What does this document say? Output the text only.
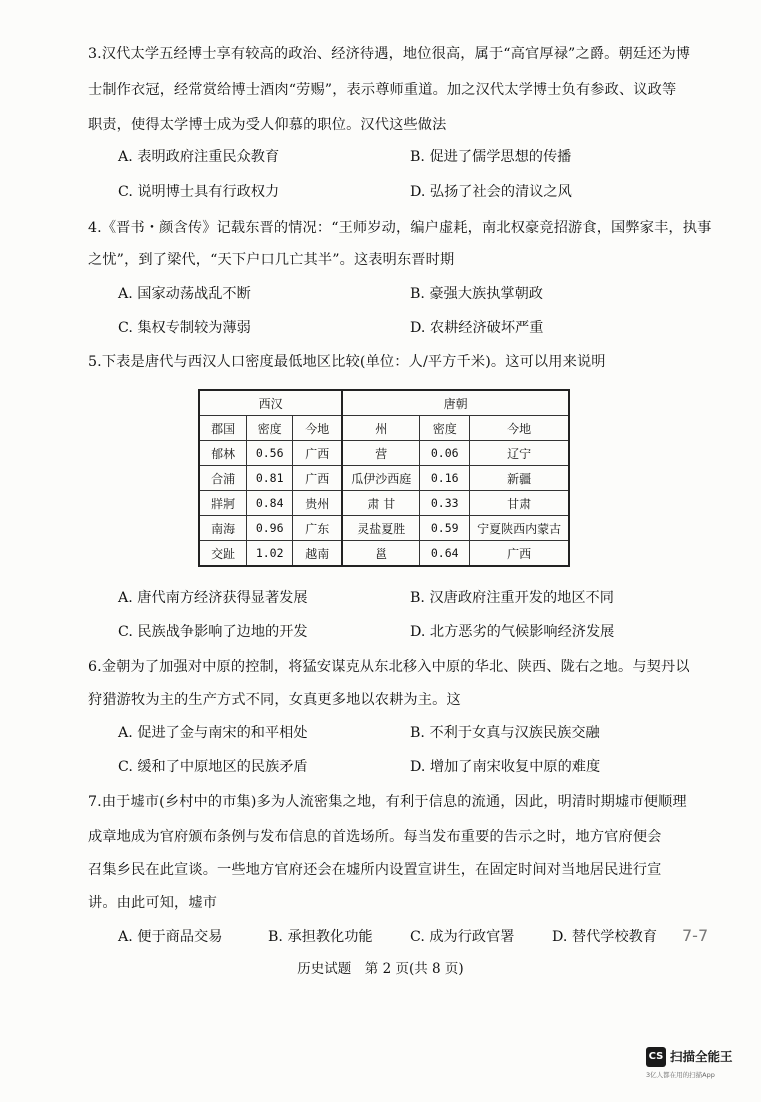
3.汉代太学五经博士享有较高的政治、经济待遇，地位很高，属于“高官厚禄”之爵。朝廷还为博
士制作衣冠，经常赏给博士酒肉“劳赐”，表示尊师重道。加之汉代太学博士负有参政、议政等
职责，使得太学博士成为受人仰慕的职位。汉代这些做法
A. 表明政府注重民众教育	B. 促进了儒学思想的传播
C. 说明博士具有行政权力	D. 弘扬了社会的清议之风
4.《晋书・颜含传》记载东晋的情况：“王师岁动，编户虚耗，南北权豪竞招游食，国弊家丰，执事
之忧”，到了梁代，“天下户口几亡其半”。这表明东晋时期
A. 国家动荡战乱不断	B. 豪强大族执掌朝政
C. 集权专制较为薄弱	D. 农耕经济破坏严重
5.下表是唐代与西汉人口密度最低地区比较(单位：人/平方千米)。这可以用来说明
西汉			唐朝		
郡国	密度	今地	州	密度	今地
郁林	0.56	广西	营	0.06	辽宁
合浦	0.81	广西	瓜伊沙西庭	0.16	新疆
牂牁	0.84	贵州	肃 甘	0.33	甘肃
南海	0.96	广东	灵盐夏胜	0.59	宁夏陕西内蒙古
交趾	1.02	越南	邕	0.64	广西
A. 唐代南方经济获得显著发展	B. 汉唐政府注重开发的地区不同
C. 民族战争影响了边地的开发	D. 北方恶劣的气候影响经济发展
6.金朝为了加强对中原的控制，将猛安谋克从东北移入中原的华北、陕西、陇右之地。与契丹以
狩猎游牧为主的生产方式不同，女真更多地以农耕为主。这
A. 促进了金与南宋的和平相处	B. 不利于女真与汉族民族交融
C. 缓和了中原地区的民族矛盾	D. 增加了南宋收复中原的难度
7.由于墟市(乡村中的市集)多为人流密集之地，有利于信息的流通，因此，明清时期墟市便顺理
成章地成为官府颁布条例与发布信息的首选场所。每当发布重要的告示之时，地方官府便会
召集乡民在此宣谈。一些地方官府还会在墟所内设置宣讲生，在固定时间对当地居民进行宣
讲。由此可知，墟市
A. 便于商品交易	B. 承担教化功能	C. 成为行政官署	D. 替代学校教育 7-7
历史试题　第 2 页(共 8 页)
CS 扫描全能王
3亿人都在用的扫描App
